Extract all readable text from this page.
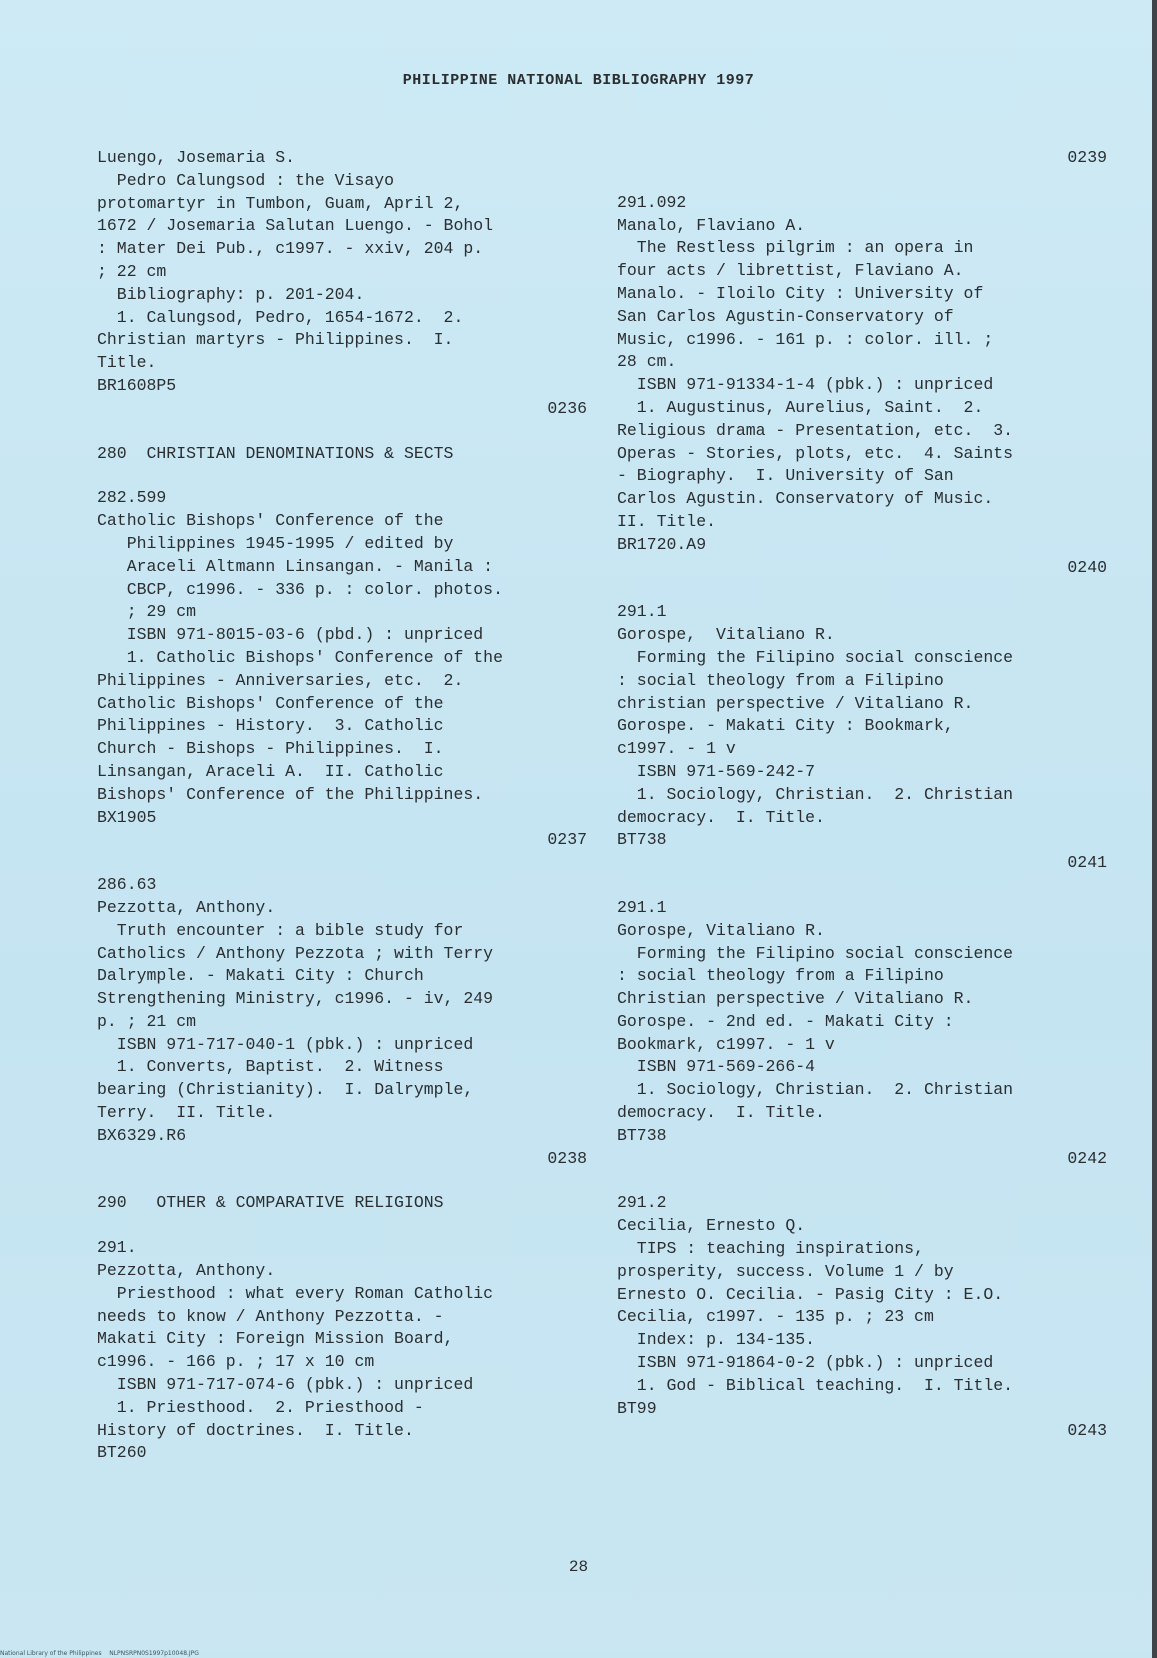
PHILIPPINE NATIONAL BIBLIOGRAPHY 1997
Luengo, Josemaria S.
Pedro Calungsod : the Visayo
protomartyr in Tumbon, Guam, April 2,
1672 / Josemaria Salutan Luengo. - Bohol
: Mater Dei Pub., c1997. - xxiv, 204 p.
; 22 cm
Bibliography: p. 201-204.
1. Calungsod, Pedro, 1654-1672.  2.
Christian martyrs - Philippines.  I.
Title.
BR1608P5
0236
280  CHRISTIAN DENOMINATIONS & SECTS
282.599
Catholic Bishops' Conference of the
Philippines 1945-1995 / edited by
Araceli Altmann Linsangan. - Manila :
CBCP, c1996. - 336 p. : color. photos.
; 29 cm
ISBN 971-8015-03-6 (pbd.) : unpriced
1. Catholic Bishops' Conference of the
Philippines - Anniversaries, etc.  2.
Catholic Bishops' Conference of the
Philippines - History.  3. Catholic
Church - Bishops - Philippines.  I.
Linsangan, Araceli A.  II. Catholic
Bishops' Conference of the Philippines.
BX1905
0237
286.63
Pezzotta, Anthony.
Truth encounter : a bible study for
Catholics / Anthony Pezzota ; with Terry
Dalrymple. - Makati City : Church
Strengthening Ministry, c1996. - iv, 249
p. ; 21 cm
ISBN 971-717-040-1 (pbk.) : unpriced
1. Converts, Baptist.  2. Witness
bearing (Christianity).  I. Dalrymple,
Terry.  II. Title.
BX6329.R6
0238
290   OTHER & COMPARATIVE RELIGIONS
291.
Pezzotta, Anthony.
Priesthood : what every Roman Catholic
needs to know / Anthony Pezzotta. -
Makati City : Foreign Mission Board,
c1996. - 166 p. ; 17 x 10 cm
ISBN 971-717-074-6 (pbk.) : unpriced
1. Priesthood.  2. Priesthood -
History of doctrines.  I. Title.
BT260
0239
291.092
Manalo, Flaviano A.
The Restless pilgrim : an opera in
four acts / librettist, Flaviano A.
Manalo. - Iloilo City : University of
San Carlos Agustin-Conservatory of
Music, c1996. - 161 p. : color. ill. ;
28 cm.
ISBN 971-91334-1-4 (pbk.) : unpriced
1. Augustinus, Aurelius, Saint.  2.
Religious drama - Presentation, etc.  3.
Operas - Stories, plots, etc.  4. Saints
- Biography.  I. University of San
Carlos Agustin. Conservatory of Music.
II. Title.
BR1720.A9
0240
291.1
Gorospe,  Vitaliano R.
Forming the Filipino social conscience
: social theology from a Filipino
christian perspective / Vitaliano R.
Gorospe. - Makati City : Bookmark,
c1997. - 1 v
ISBN 971-569-242-7
1. Sociology, Christian.  2. Christian
democracy.  I. Title.
BT738
0241
291.1
Gorospe, Vitaliano R.
Forming the Filipino social conscience
: social theology from a Filipino
Christian perspective / Vitaliano R.
Gorospe. - 2nd ed. - Makati City :
Bookmark, c1997. - 1 v
ISBN 971-569-266-4
1. Sociology, Christian.  2. Christian
democracy.  I. Title.
BT738
0242
291.2
Cecilia, Ernesto Q.
TIPS : teaching inspirations,
prosperity, success. Volume 1 / by
Ernesto O. Cecilia. - Pasig City : E.O.
Cecilia, c1997. - 135 p. ; 23 cm
Index: p. 134-135.
ISBN 971-91864-0-2 (pbk.) : unpriced
1. God - Biblical teaching.  I. Title.
BT99
0243
28
National Library of the Philippines    NLPNSRPN0S1997p10048.JPG
